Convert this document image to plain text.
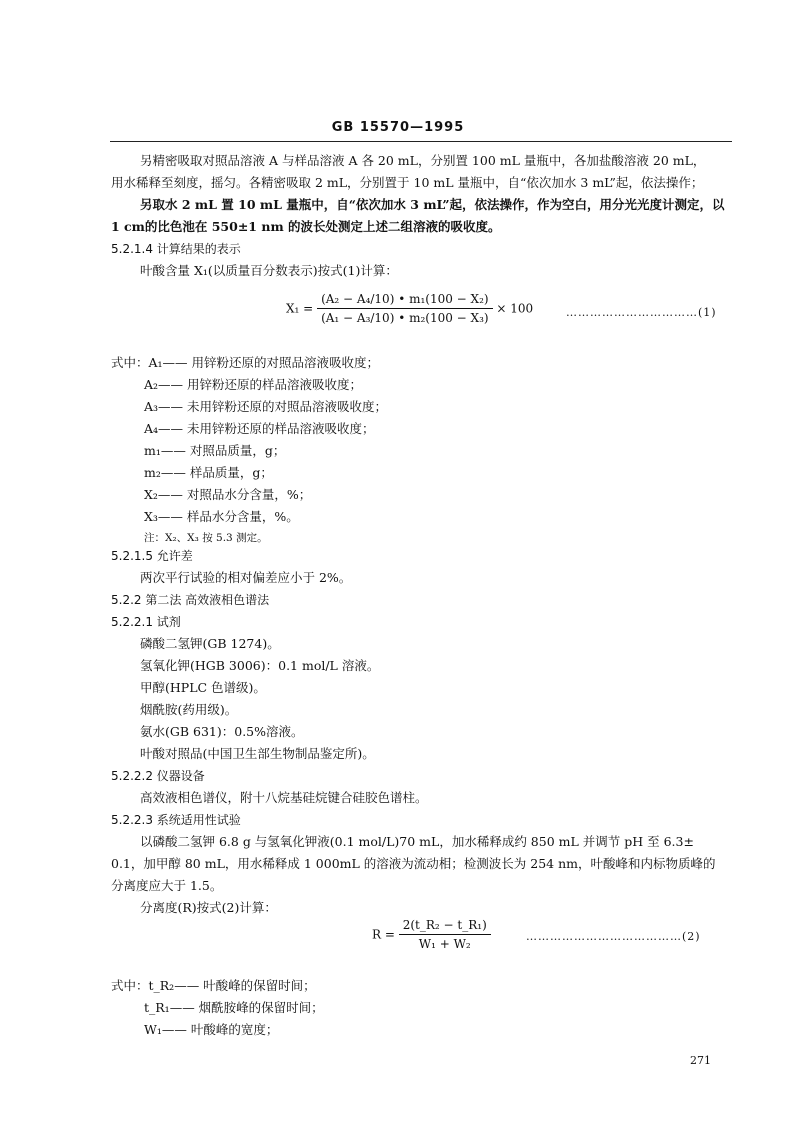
GB 15570—1995
另精密吸取对照品溶液 A 与样品溶液 A 各 20 mL，分别置 100 mL 量瓶中，各加盐酸溶液 20 mL，
用水稀释至刻度，摇匀。各精密吸取 2 mL，分别置于 10 mL 量瓶中，自“依次加水 3 mL”起，依法操作；
另取水 2 mL 置 10 mL 量瓶中，自“依次加水 3 mL”起，依法操作，作为空白，用分光光度计测定，以
1 cm的比色池在 550±1 nm 的波长处测定上述二组溶液的吸收度。
5.2.1.4 计算结果的表示
叶酸含量 X₁(以质量百分数表示)按式(1)计算：
$X_1 = \frac{\text{(A₂ − A₄/10) • m₁(100 − X₂)}}{\text{(A₁ − A₃/10) • m₂(100 − X₃)}} \times 100$	……………………………(1)
式中：A₁—— 用锌粉还原的对照品溶液吸收度；
A₂—— 用锌粉还原的样品溶液吸收度；
A₃—— 未用锌粉还原的对照品溶液吸收度；
A₄—— 未用锌粉还原的样品溶液吸收度；
m₁—— 对照品质量，g；
m₂—— 样品质量，g；
X₂—— 对照品水分含量，%；
X₃—— 样品水分含量，%。
注：X₂、X₃ 按 5.3 测定。
5.2.1.5 允许差
两次平行试验的相对偏差应小于 2%。
5.2.2 第二法 高效液相色谱法
5.2.2.1 试剂
磷酸二氢钾(GB 1274)。
氢氧化钾(HGB 3006)：0.1 mol/L 溶液。
甲醇(HPLC 色谱级)。
烟酰胺(药用级)。
氨水(GB 631)：0.5%溶液。
叶酸对照品(中国卫生部生物制品鉴定所)。
5.2.2.2 仪器设备
高效液相色谱仪，附十八烷基硅烷键合硅胶色谱柱。
5.2.2.3 系统适用性试验
以磷酸二氢钾 6.8 g 与氢氧化钾液(0.1 mol/L)70 mL，加水稀释成约 850 mL 并调节 pH 至 6.3±
0.1，加甲醇 80 mL，用水稀释成 1 000mL 的溶液为流动相；检测波长为 254 nm，叶酸峰和内标物质峰的
分离度应大于 1.5。
分离度(R)按式(2)计算：
$R = \frac{\text{2(t\_R₂ − t\_R₁)}}{\text{W₁ + W₂}}$	…………………………………(2)
式中：t_R₂—— 叶酸峰的保留时间；
t_R₁—— 烟酰胺峰的保留时间；
W₁—— 叶酸峰的宽度；
271
